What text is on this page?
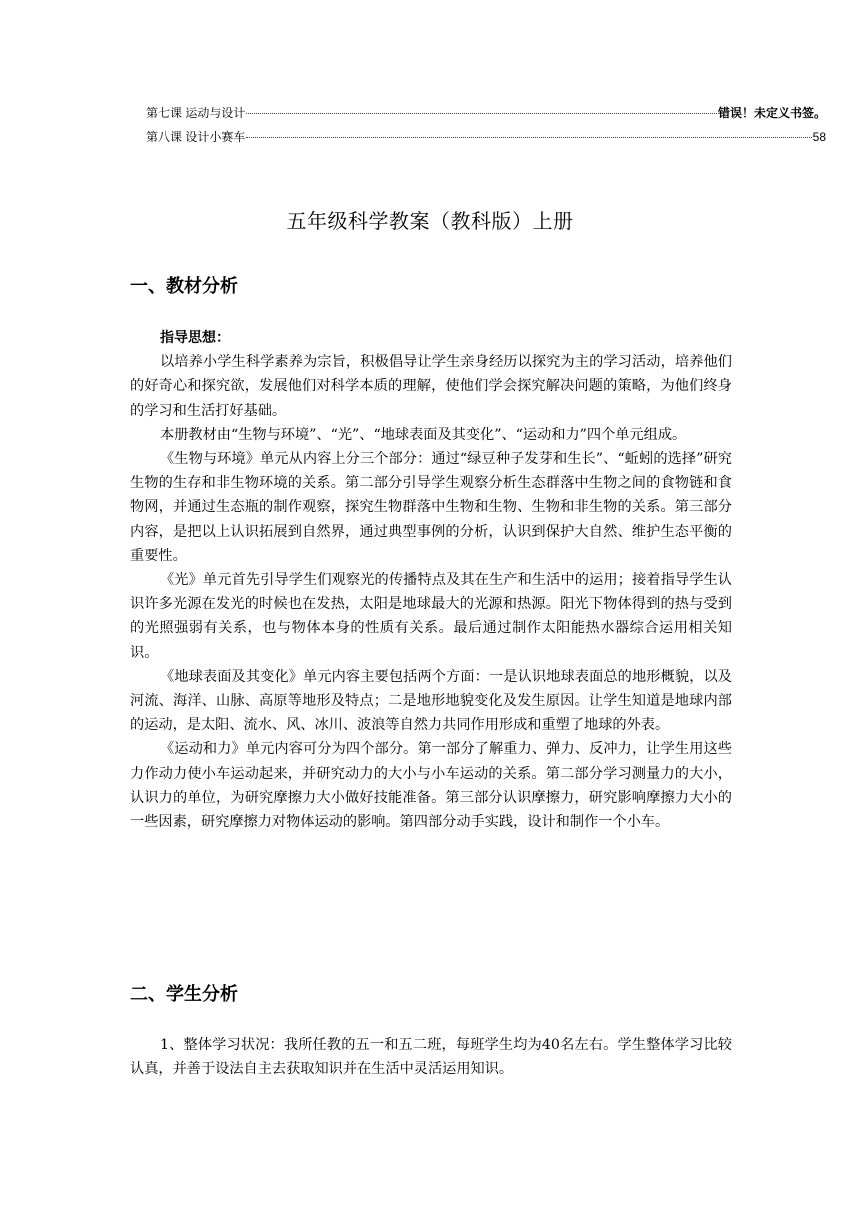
第七课 运动与设计	错误！未定义书签。
第八课 设计小赛车	58
五年级科学教案（教科版）上册
一、教材分析
指导思想：

以培养小学生科学素养为宗旨，积极倡导让学生亲身经历以探究为主的学习活动，培养他们的好奇心和探究欲，发展他们对科学本质的理解，使他们学会探究解决问题的策略，为他们终身的学习和生活打好基础。

本册教材由“生物与环境”、“光”、“地球表面及其变化”、“运动和力”四个单元组成。

《生物与环境》单元从内容上分三个部分：通过“绿豆种子发芽和生长”、“蚯蚓的选择”研究生物的生存和非生物环境的关系。第二部分引导学生观察分析生态群落中生物之间的食物链和食物网，并通过生态瓶的制作观察，探究生物群落中生物和生物、生物和非生物的关系。第三部分内容，是把以上认识拓展到自然界，通过典型事例的分析，认识到保护大自然、维护生态平衡的重要性。

《光》单元首先引导学生们观察光的传播特点及其在生产和生活中的运用；接着指导学生认识许多光源在发光的时候也在发热，太阳是地球最大的光源和热源。阳光下物体得到的热与受到的光照强弱有关系，也与物体本身的性质有关系。最后通过制作太阳能热水器综合运用相关知识。

《地球表面及其变化》单元内容主要包括两个方面：一是认识地球表面总的地形概貌，以及河流、海洋、山脉、高原等地形及特点；二是地形地貌变化及发生原因。让学生知道是地球内部的运动，是太阳、流水、风、冰川、波浪等自然力共同作用形成和重塑了地球的外表。

《运动和力》单元内容可分为四个部分。第一部分了解重力、弹力、反冲力，让学生用这些力作动力使小车运动起来，并研究动力的大小与小车运动的关系。第二部分学习测量力的大小，认识力的单位，为研究摩擦力大小做好技能准备。第三部分认识摩擦力，研究影响摩擦力大小的一些因素，研究摩擦力对物体运动的影响。第四部分动手实践，设计和制作一个小车。

二、学生分析

1、整体学习状况：我所任教的五一和五二班，每班学生均为40名左右。学生整体学习比较认真，并善于设法自主去获取知识并在生活中灵活运用知识。
